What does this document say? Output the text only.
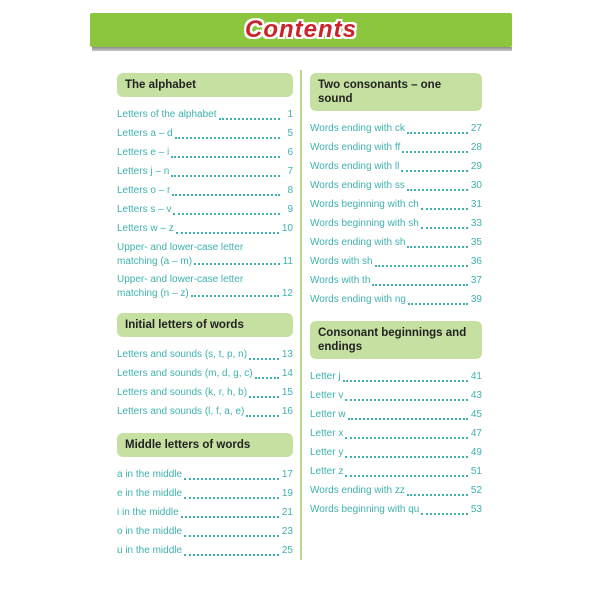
Contents
The alphabet
Letters of the alphabet	1
Letters a – d	5
Letters e – i	6
Letters j – n	7
Letters o – r	8
Letters s – v	9
Letters w – z	10
Upper- and lower-case letter
matching (a – m)	11
Upper- and lower-case letter
matching (n – z)	12
Initial letters of words
Letters and sounds (s, t, p, n)	13
Letters and sounds (m, d, g, c)	14
Letters and sounds (k, r, h, b)	15
Letters and sounds (l, f, a, e)	16
Middle letters of words
a in the middle	17
e in the middle	19
i in the middle	21
o in the middle	23
u in the middle	25
Two consonants – one sound
Words ending with ck	27
Words ending with ff	28
Words ending with ll	29
Words ending with ss	30
Words beginning with ch	31
Words beginning with sh	33
Words ending with sh	35
Words with sh	36
Words with th	37
Words ending with ng	39
Consonant beginnings and endings
Letter j	41
Letter v	43
Letter w	45
Letter x	47
Letter y	49
Letter z	51
Words ending with zz	52
Words beginning with qu	53
